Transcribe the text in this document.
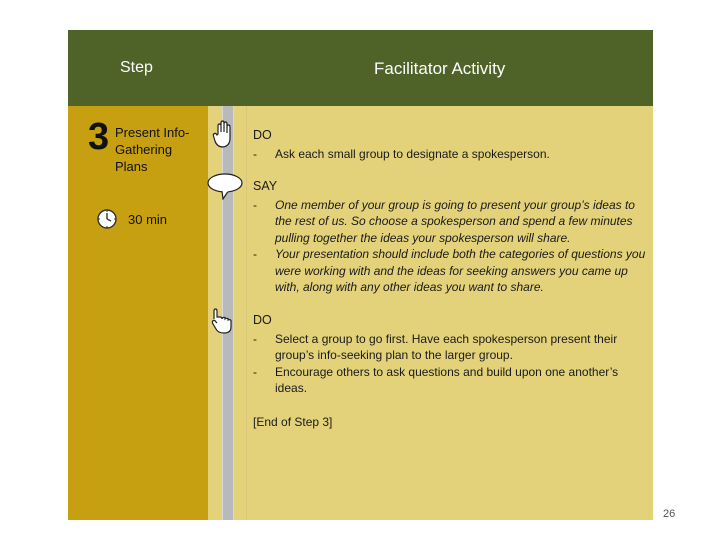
Step	Facilitator Activity
3 Present Info-Gathering Plans
30 min
DO
-	Ask each small group to designate a spokesperson.
SAY
-	One member of your group is going to present your group’s ideas to the rest of us. So choose a spokesperson and spend a few minutes pulling together the ideas your spokesperson will share.
-	Your presentation should include both the categories of questions you were working with and the ideas for seeking answers you came up with, along with any other ideas you want to share.
DO
-	Select a group to go first. Have each spokesperson present their group’s info-seeking plan to the larger group.
-	Encourage others to ask questions and build upon one another’s ideas.
[End of Step 3]
26
